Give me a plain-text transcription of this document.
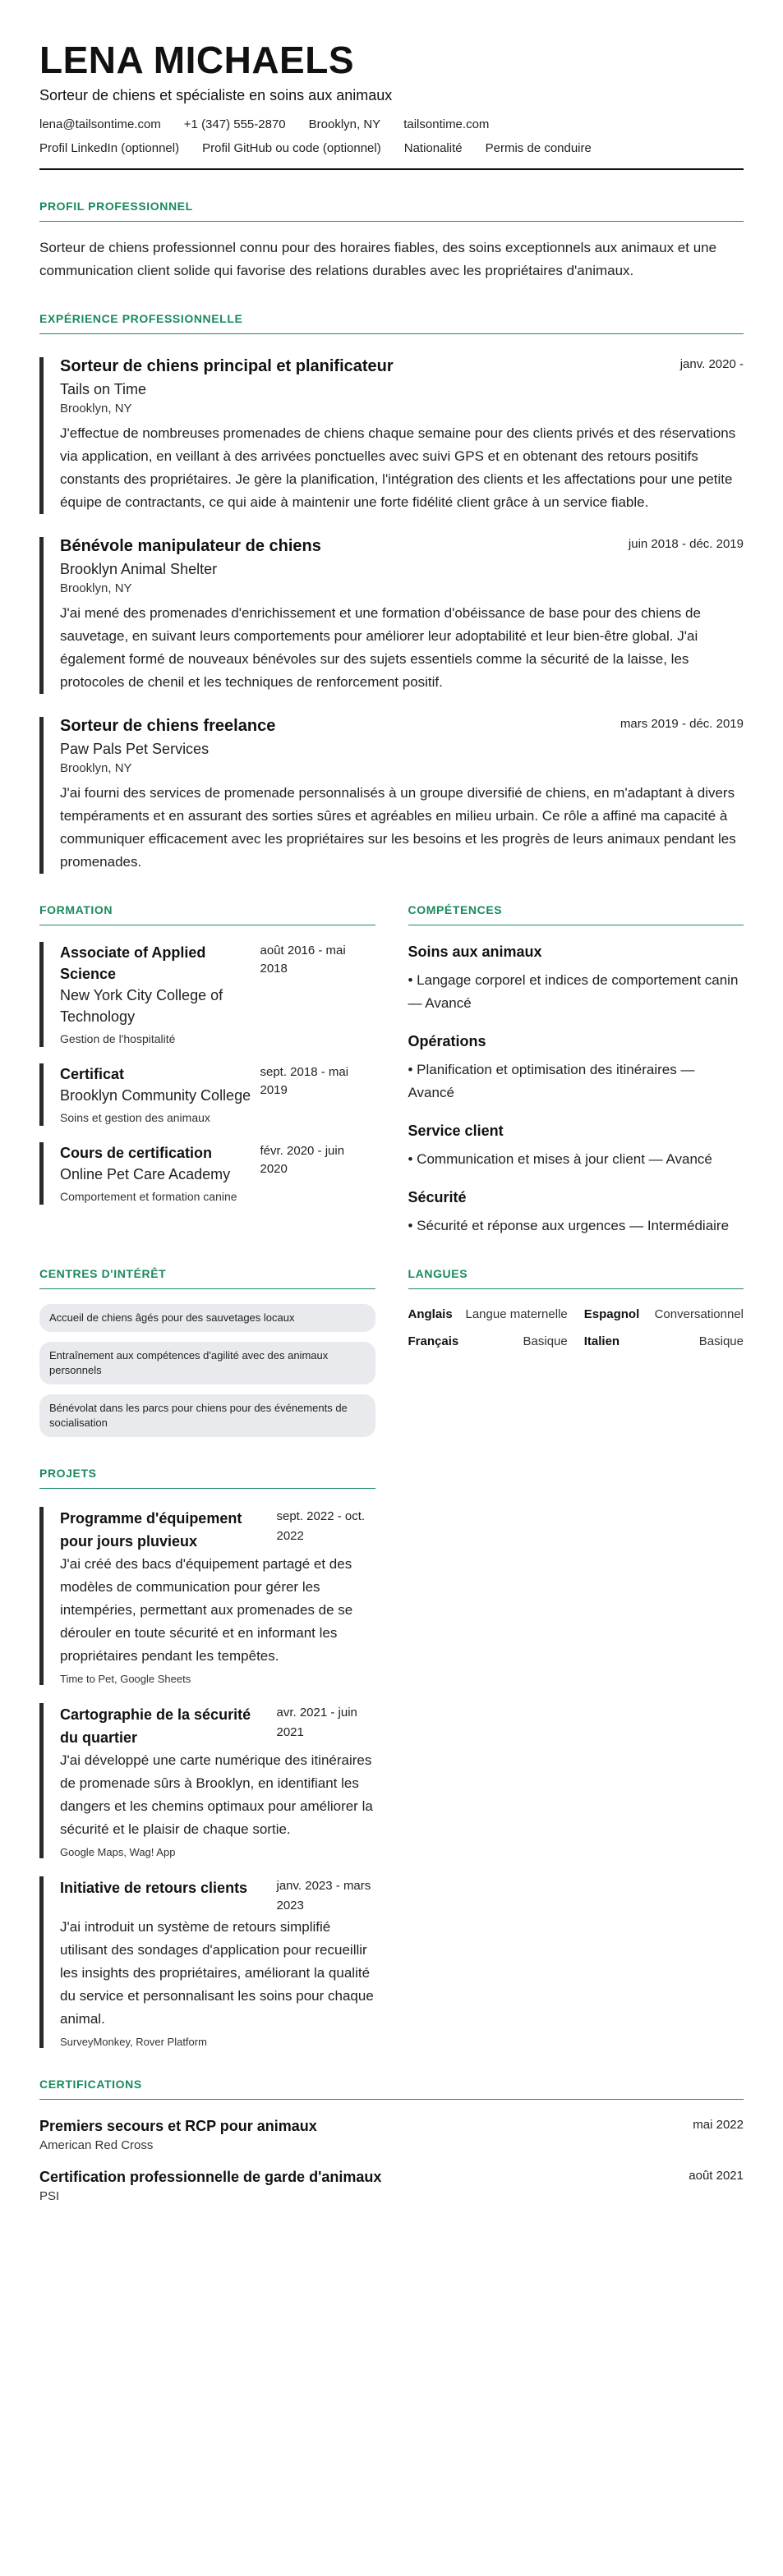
LENA MICHAELS
Sorteur de chiens et spécialiste en soins aux animaux
lena@tailsontime.com +1 (347) 555-2870 Brooklyn, NY tailsontime.com
Profil LinkedIn (optionnel) Profil GitHub ou code (optionnel) Nationalité Permis de conduire
PROFIL PROFESSIONNEL

Sorteur de chiens professionnel connu pour des horaires fiables, des soins exceptionnels aux animaux et une communication client solide qui favorise des relations durables avec les propriétaires d'animaux.

EXPÉRIENCE PROFESSIONNELLE
Sorteur de chiens principal et planificateur	janv. 2020 -
Tails on Time
Brooklyn, NY

J'effectue de nombreuses promenades de chiens chaque semaine pour des clients privés et des réservations via application, en veillant à des arrivées ponctuelles avec suivi GPS et en obtenant des retours positifs constants des propriétaires. Je gère la planification, l'intégration des clients et les affectations pour une petite équipe de contractants, ce qui aide à maintenir une forte fidélité client grâce à un service fiable.

Bénévole manipulateur de chiens	juin 2018 - déc. 2019
Brooklyn Animal Shelter
Brooklyn, NY

J'ai mené des promenades d'enrichissement et une formation d'obéissance de base pour des chiens de sauvetage, en suivant leurs comportements pour améliorer leur adoptabilité et leur bien-être global. J'ai également formé de nouveaux bénévoles sur des sujets essentiels comme la sécurité de la laisse, les protocoles de chenil et les techniques de renforcement positif.

Sorteur de chiens freelance	mars 2019 - déc. 2019
Paw Pals Pet Services
Brooklyn, NY

J'ai fourni des services de promenade personnalisés à un groupe diversifié de chiens, en m'adaptant à divers tempéraments et en assurant des sorties sûres et agréables en milieu urbain. Ce rôle a affiné ma capacité à communiquer efficacement avec les propriétaires sur les besoins et les progrès de leurs animaux pendant les promenades.

FORMATION
Associate of Applied Science
New York City College of Technology
Gestion de l'hospitalité
août 2016 - mai 2018
Certificat
Brooklyn Community College
Soins et gestion des animaux
sept. 2018 - mai 2019
Cours de certification
Online Pet Care Academy
Comportement et formation canine
févr. 2020 - juin 2020
COMPÉTENCES
Soins aux animaux
• Langage corporel et indices de comportement canin — Avancé
Opérations
• Planification et optimisation des itinéraires — Avancé
Service client
• Communication et mises à jour client — Avancé
Sécurité
• Sécurité et réponse aux urgences — Intermédiaire
CENTRES D'INTÉRÊT
Accueil de chiens âgés pour des sauvetages locaux
Entraînement aux compétences d'agilité avec des animaux personnels
Bénévolat dans les parcs pour chiens pour des événements de socialisation
LANGUES
Anglais Langue maternelle Espagnol Conversationnel
Français	Basique Italien	Basique
PROJETS
Programme d'équipement pour jours pluvieux
sept. 2022 - oct. 2022

J'ai créé des bacs d'équipement partagé et des modèles de communication pour gérer les intempéries, permettant aux promenades de se dérouler en toute sécurité et en informant les propriétaires pendant les tempêtes.

Time to Pet, Google Sheets
Cartographie de la sécurité du quartier
avr. 2021 - juin 2021

J'ai développé une carte numérique des itinéraires de promenade sûrs à Brooklyn, en identifiant les dangers et les chemins optimaux pour améliorer la sécurité et le plaisir de chaque sortie.

Google Maps, Wag! App
Initiative de retours clients janv. 2023 - mars 2023

J'ai introduit un système de retours simplifié utilisant des sondages d'application pour recueillir les insights des propriétaires, améliorant la qualité du service et personnalisant les soins pour chaque animal.

SurveyMonkey, Rover Platform
CERTIFICATIONS
Premiers secours et RCP pour animaux	mai 2022
American Red Cross
Certification professionnelle de garde d'animaux	août 2021
PSI
